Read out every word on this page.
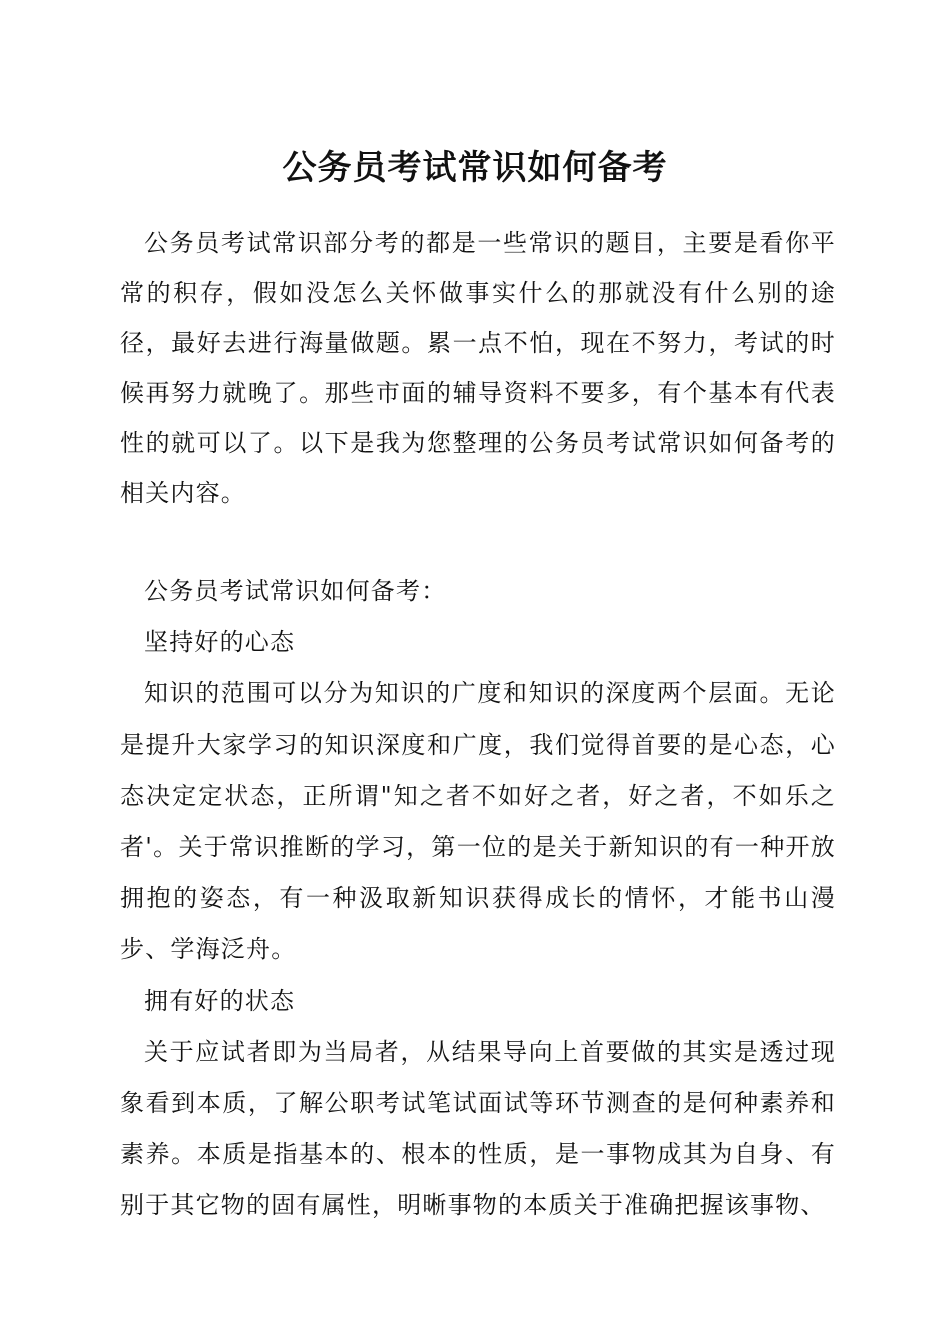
公务员考试常识如何备考

公务员考试常识部分考的都是一些常识的题目，主要是看你平常的积存，假如没怎么关怀做事实什么的那就没有什么别的途径，最好去进行海量做题。累一点不怕，现在不努力，考试的时候再努力就晚了。那些市面的辅导资料不要多，有个基本有代表性的就可以了。以下是我为您整理的公务员考试常识如何备考的相关内容。

公务员考试常识如何备考：

坚持好的心态

知识的范围可以分为知识的广度和知识的深度两个层面。无论是提升大家学习的知识深度和广度，我们觉得首要的是心态，心态决定定状态，正所谓"知之者不如好之者，好之者，不如乐之者'。关于常识推断的学习，第一位的是关于新知识的有一种开放拥抱的姿态，有一种汲取新知识获得成长的情怀，才能书山漫步、学海泛舟。

拥有好的状态

关于应试者即为当局者，从结果导向上首要做的其实是透过现象看到本质，了解公职考试笔试面试等环节测查的是何种素养和素养。本质是指基本的、根本的性质，是一事物成其为自身、有别于其它物的固有属性，明晰事物的本质关于准确把握该事物、
